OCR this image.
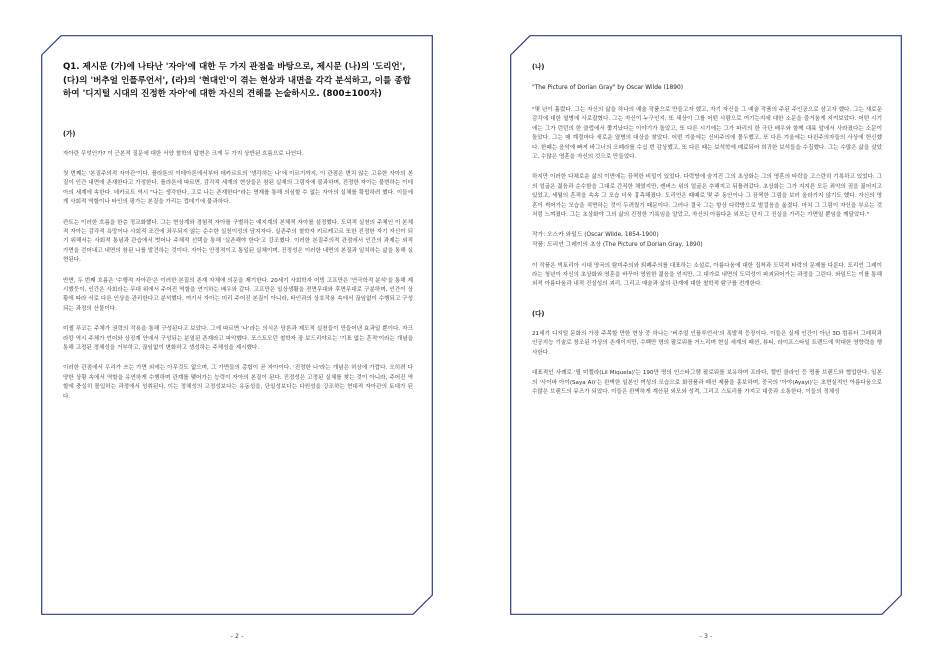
Q1. 제시문 (가)에 나타난 '자아'에 대한 두 가지 관점을 바탕으로, 제시문 (나)의 '도리언', (다)의 '버추얼 인플루언서', (라)의 '현대인'이 겪는 현상과 내면을 각각 분석하고, 이를 종합하여 '디지털 시대의 진정한 자아'에 대한 자신의 견해를 논술하시오. (800±100자)

(가)

자아란 무엇인가? 이 근본적 질문에 대한 서양 철학의 답변은 크게 두 가지 상반된 흐름으로 나뉜다.

첫 번째는 '본질주의적 자아관'이다. 플라톤의 이데아론에서부터 데카르트의 '생각하는 나'에 이르기까지, 이 관점은 변치 않는 고유한 자아의 본질이 인간 내면에 존재한다고 가정한다. 플라톤에 따르면, 감각적 세계의 현상들은 참된 실재의 그림자에 불과하며, 진정한 자아는 불변하는 이데아의 세계에 속한다. 데카르트 역시 "나는 생각한다, 고로 나는 존재한다"라는 명제를 통해 의심할 수 없는 자아의 실체를 확립하려 했다. 이들에게 사회적 역할이나 타인의 평가는 본질을 가리는 껍데기에 불과하다.

칸트는 이러한 흐름을 한층 정교화했다. 그는 현상계와 경험적 자아를 구별하는 예지계의 본체적 자아를 설정했다. 도덕적 실천의 주체인 이 본체적 자아는 감각적 욕망이나 사회적 조건에 좌우되지 않는 순수한 실천이성의 담지자다. 실존주의 철학자 키르케고르 또한 진정한 자기 자신이 되기 위해서는 사회적 통념과 관습에서 벗어나 주체적 선택을 통해 '실존해야 한다'고 강조했다. 이러한 본질주의적 관점에서 인간의 과제는 외적 가면을 걷어내고 내면의 참된 나를 발견하는 것이다. 자아는 안정적이고 통일된 실체이며, 진정성은 이러한 내면의 본질과 일치하는 삶을 통해 실현된다.

반면, 두 번째 흐름은 '수행적 자아관'은 이러한 본질의 존재 자체에 의문을 제기한다. 20세기 사회학자 어빙 고프만은 '연극학적 분석'을 통해 제시했듯이, 인간은 사회라는 무대 위에서 주어진 역할을 연기하는 배우와 같다. 고프만은 일상생활을 전면무대와 후면무대로 구분하며, 인간이 상황에 따라 서로 다른 인상을 관리한다고 분석했다. 여기서 자아는 미리 주어진 본질이 아니라, 타인과의 상호작용 속에서 끊임없이 수행되고 구성되는 과정의 산물이다.

미셸 푸코는 주체가 권력의 작용을 통해 구성된다고 보았다. 그에 따르면 '나'라는 의식은 담론과 제도적 실천들이 만들어낸 효과일 뿐이다. 자크 라캉 역시 주체가 언어와 상징계 안에서 구성되는 분열된 존재라고 파악했다. 포스트모던 철학자 장 보드리야르는 '기표 없는 흔적'이라는 개념을 통해 고정된 정체성을 거부하고, 끊임없이 변화하고 생성하는 주체성을 제시했다.

이러한 관점에서 우리가 쓰는 가면 외에는 아무것도 없으며, 그 가면들의 총합이 곧 자아이다. '진정한 나'라는 개념은 허상에 가깝다. 오히려 다양한 상황 속에서 역할을 유연하게 수행하며 관계를 맺어가는 능력이 자아의 본질이 된다. 진정성은 고정된 실체를 찾는 것이 아니라, 주어진 역할에 충실히 몰입하는 과정에서 성취된다. 이는 정체성의 고정성보다는 유동성을, 단일성보다는 다원성을 강조하는 현대적 자아관의 토대가 된다.

- 2 -

(나)

"The Picture of Dorian Gray" by Oscar Wilde (1890)

"몇 년이 흘렀다. 그는 자신의 삶을 하나의 예술 작품으로 만들고자 했고, 자기 자신을 그 예술 작품의 주된 주인공으로 삼고자 했다. 그는 새로운 감각에 대한 열병에 사로잡혔다. 그는 자신이 누구인지, 또 세상이 그를 어떤 사람으로 여기는지에 대한 소문을 즐거움게 지켜보았다. 어떤 시기에는 그가 런던의 한 클럽에서 쫓겨났다는 이야기가 돌았고, 또 다른 시기에는 그가 파리의 한 극단 배우와 함께 대륙 앞에서 사라졌다는 소문이 돌았다. 그는 매 계절마다 새로운 열병의 대상을 찾았다. 어떤 겨울에는 신비주의에 몰두했고, 또 다른 겨울에는 다윈주의자들의 사상에 헌신했다. 한때는 음악에 빠져 바그너의 오페라를 수십 번 감상했고, 또 다른 때는 보석학에 매료되어 희귀한 보석들을 수집했다. 그는 수많은 삶을 살았고, 수많은 영혼을 자신의 것으로 만들었다.

하지만 이러한 다채로운 삶의 이면에는 끔찍한 비밀이 있었다. 다락방에 숨겨진 그의 초상화는 그의 영혼의 타락을 고스란히 기록하고 있었다. 그의 얼굴은 젊음과 순수함을 그대로 간직한 채였지만, 캔버스 위의 얼굴은 추해지고 뒤틀려갔다. 초상화는 그가 저지른 모든 죄악의 짐을 짊어지고 있었고, 세월의 흔적을 속속 그 모습 더욱 흉측해졌다. 도리언은 때때로 몇 주 동안이나 그 끔찍한 그림을 보러 올라가지 않기도 했다. 자신의 영혼이 썩어가는 모습을 직면하는 것이 두려웠기 때문이다. 그러나 결국 그는 항상 다락방으로 발걸음을 옮겼다. 마치 그 그림이 자신을 부르는 것처럼 느껴졌다. 그는 초상화야 그의 삶의 진정한 기록임을 알았고, 자신의 아름다운 외모는 단지 그 진실을 가리는 가면일 뿐임을 깨달았다."

작가: 오스카 와일드 (Oscar Wilde, 1854-1900)

작품: 도리언 그레이의 초상 (The Picture of Dorian Gray, 1890)

이 작품은 빅토리아 시대 영국의 탐미주의와 퇴폐주의를 대표하는 소설로, 아름다움에 대한 집착과 도덕적 타락의 문제를 다룬다. 도리언 그레이라는 청년이 자신의 초상화와 영혼을 바꾸어 영원한 젊음을 얻지만, 그 대가로 내면의 도덕성이 파괴되어가는 과정을 그린다. 와일드는 이를 통해 외적 아름다움과 내적 진실성의 괴리, 그리고 예술과 삶의 관계에 대한 철학적 탐구를 전개한다.

(다)

21세기 디지털 문화의 가장 주목할 만한 현상 중 하나는 '버추얼 인플루언서'의 폭발적 등장이다. 이들은 실제 인간이 아닌 3D 컴퓨터 그래픽과 인공지능 기술로 창조된 가상의 존재이지만, 수백만 명의 팔로워를 거느리며 현실 세계의 패션, 뷰티, 라이프스타일 트렌드에 막대한 영향력을 행사한다.

대표적인 사례로 '릴 미켈라(Lil Miquela)'는 190만 명의 인스타그램 팔로워를 보유하며 프라다, 캘빈 클라인 등 명품 브랜드와 협업한다. 일본의 '사이바 아이(Saya Ai)'는 완벽한 일본인 여성의 모습으로 화장품과 패션 제품을 홍보하며, 중국의 '아야(Ayayi)'는 초현실적인 아름다움으로 수많은 브랜드의 뮤즈가 되었다. 이들은 완벽하게 계산된 외모와 성격, 그리고 스토리를 가지고 대중과 소통한다. 이들의 정체성

- 3 -
